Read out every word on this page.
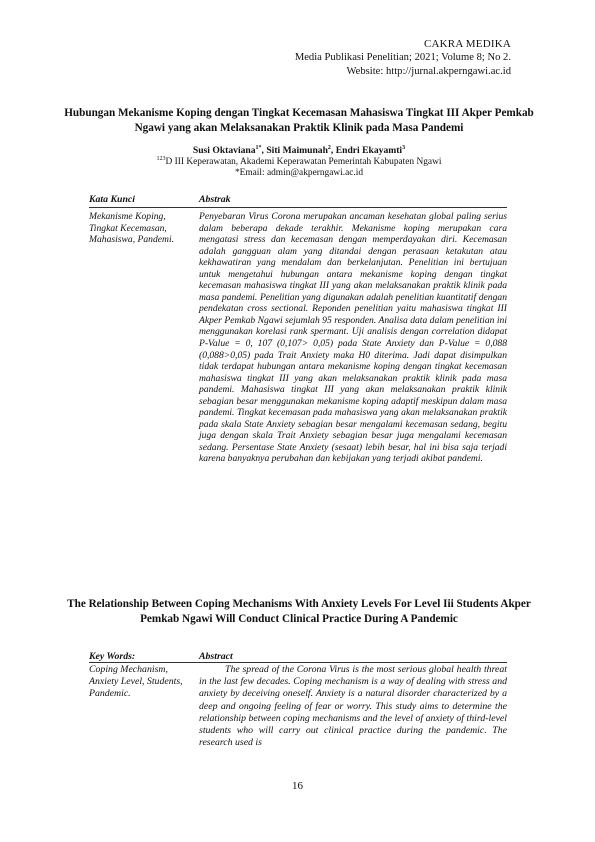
CAKRA MEDIKA
Media Publikasi Penelitian; 2021; Volume 8; No 2.
Website: http://jurnal.akperngawi.ac.id
Hubungan Mekanisme Koping dengan Tingkat Kecemasan Mahasiswa Tingkat III Akper Pemkab Ngawi yang akan Melaksanakan Praktik Klinik pada Masa Pandemi
Susi Oktaviana$^{1*}$, Siti Maimunah$^2$, Endri Ekayamti$^3$
$^{123}$D III Keperawatan, Akademi Keperawatan Pemerintah Kabupaten Ngawi
*Email: admin@akperngawi.ac.id
Kata Kunci	Abstrak
Mekanisme Koping, Tingkat Kecemasan, Mahasiswa, Pandemi.
Penyebaran Virus Corona merupakan ancaman kesehatan global paling serius dalam beberapa dekade terakhir. Mekanisme koping merupakan cara mengatasi stress dan kecemasan dengan memperdayakan diri. Kecemasan adalah gangguan alam yang ditandai dengan perasaan ketakutan atau kekhawatiran yang mendalam dan berkelanjutan. Penelitian ini bertujuan untuk mengetahui hubungan antara mekanisme koping dengan tingkat kecemasan mahasiswa tingkat III yang akan melaksanakan praktik klinik pada masa pandemi. Penelitian yang digunakan adalah penelitian kuantitatif dengan pendekatan cross sectional. Reponden penelitian yaitu mahasiswa tingkat III Akper Pemkab Ngawi sejumlah 95 responden. Analisa data dalam penelitian ini menggunakan korelasi rank spermant. Uji analisis dengan correlation didapat P-Value = 0, 107 (0,107> 0,05) pada State Anxiety dan P-Value = 0,088 (0,088>0,05) pada Trait Anxiety maka H0 diterima. Jadi dapat disimpulkan tidak terdapat hubungan antara mekanisme koping dengan tingkat kecemasan mahasiswa tingkat III yang akan melaksanakan praktik klinik pada masa pandemi. Mahasiswa tingkat III yang akan melaksanakan praktik klinik sebagian besar menggunakan mekanisme koping adaptif meskipun dalam masa pandemi. Tingkat kecemasan pada mahasiswa yang akan melaksanakan praktik pada skala State Anxiety sebagian besar mengalami kecemasan sedang, begitu juga dengan skala Trait Anxiety sebagian besar juga mengalami kecemasan sedang. Persentase State Anxiety (sesaat) lebih besar, hal ini bisa saja terjadi karena banyaknya perubahan dan kebijakan yang terjadi akibat pandemi.
The Relationship Between Coping Mechanisms With Anxiety Levels For Level Iii Students Akper Pemkab Ngawi Will Conduct Clinical Practice During A Pandemic
Key Words:	Abstract
Coping Mechanism, Anxiety Level, Students, Pandemic.
The spread of the Corona Virus is the most serious global health threat in the last few decades. Coping mechanism is a way of dealing with stress and anxiety by deceiving oneself. Anxiety is a natural disorder characterized by a deep and ongoing feeling of fear or worry. This study aims to determine the relationship between coping mechanisms and the level of anxiety of third-level students who will carry out clinical practice during the pandemic. The research used is
16
